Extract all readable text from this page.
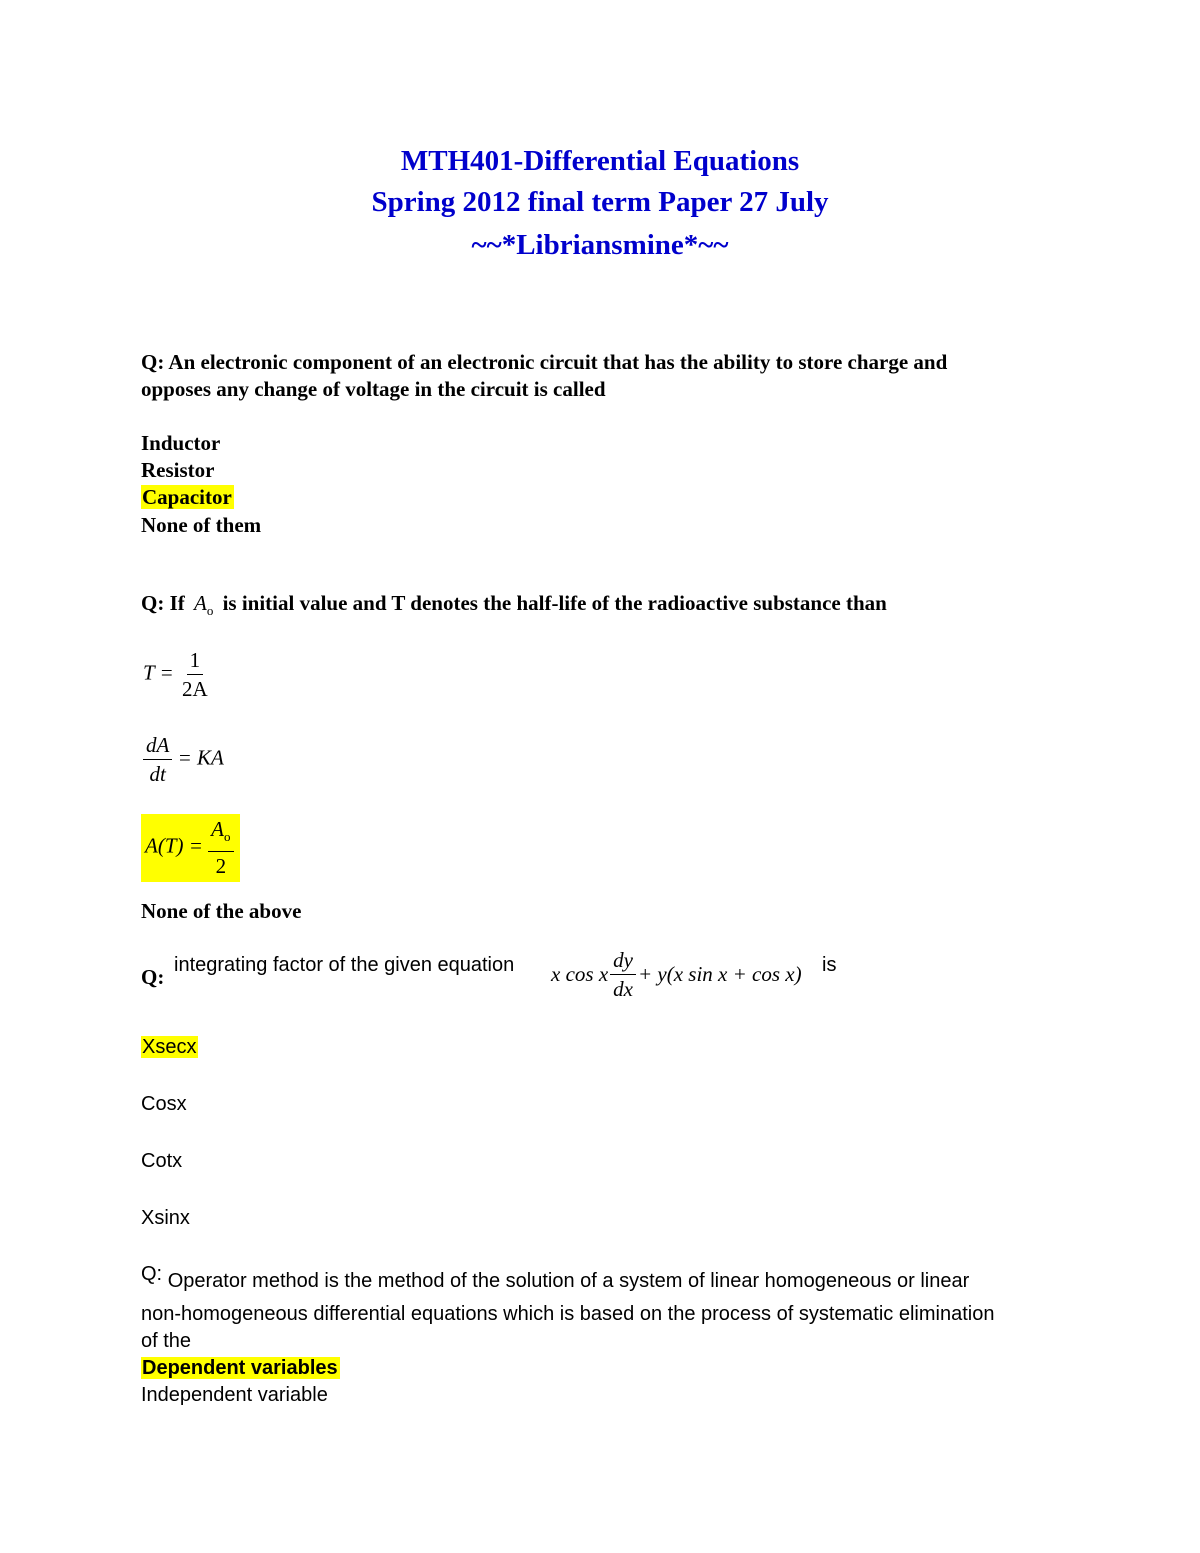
MTH401-Differential Equations
Spring 2012 final term Paper 27 July
~~*Libriansmine*~~
Q: An electronic component of an electronic circuit that has the ability to store charge and
opposes any change of voltage in the circuit is called
Inductor
Resistor
Capacitor
None of them
Q: If $A_o$ is initial value and T denotes the half-life of the radioactive substance than
$T = \frac{1}{2A}$
$\frac{dA}{dt}$ = KA
$A(T) = \frac{A_o}{2}$
None of the above
Q: integrating factor of the given equation x cos x $\frac{dy}{dx} + y(x$ sin x + cos x) is
Xsecx
Cosx
Cotx
Xsinx
Q: Operator method is the method of the solution of a system of linear homogeneous or linear
non-homogeneous differential equations which is based on the process of systematic elimination
of the
Dependent variables
Independent variable
